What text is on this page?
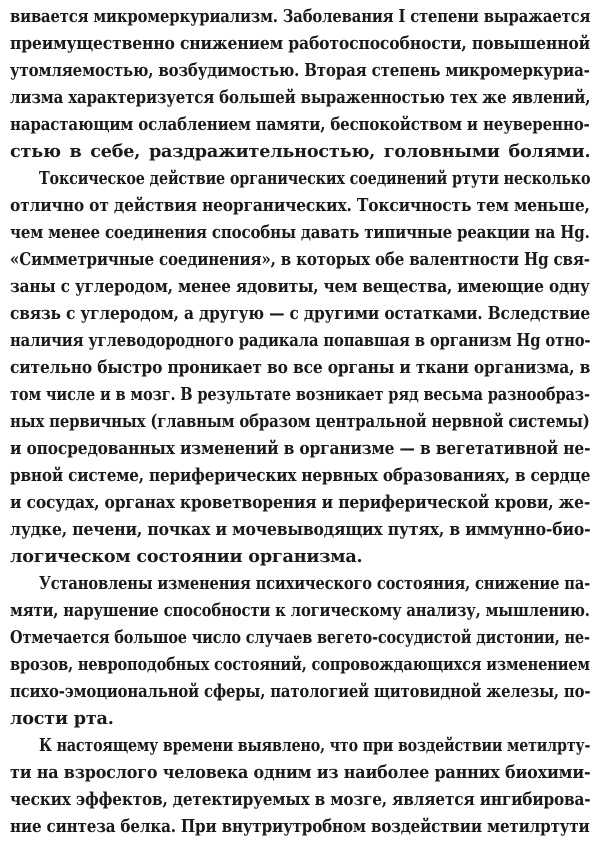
вивается микромеркуриализм. Заболевания I степени выражается
преимущественно снижением работоспособности, повышенной
утомляемостью, возбудимостью. Вторая степень микромеркуриа-
лизма характеризуется большей выраженностью тех же явлений,
нарастающим ослаблением памяти, беспокойством и неуверенно-
стью в себе, раздражительностью, головными болями.
Токсическое действие органических соединений ртути несколько
отлично от действия неорганических. Токсичность тем меньше,
чем менее соединения способны давать типичные реакции на Hg.
«Симметричные соединения», в которых обе валентности Hg свя-
заны с углеродом, менее ядовиты, чем вещества, имеющие одну
связь с углеродом, а другую — с другими остатками. Вследствие
наличия углеводородного радикала попавшая в организм Hg отно-
сительно быстро проникает во все органы и ткани организма, в
том числе и в мозг. В результате возникает ряд весьма разнообраз-
ных первичных (главным образом центральной нервной системы)
и опосредованных изменений в организме — в вегетативной не-
рвной системе, периферических нервных образованиях, в сердце
и сосудах, органах кроветворения и периферической крови, же-
лудке, печени, почках и мочевыводящих путях, в иммунно-био-
логическом состоянии организма.
Установлены изменения психического состояния, снижение па-
мяти, нарушение способности к логическому анализу, мышлению.
Отмечается большое число случаев вегето-сосудистой дистонии, не-
врозов, невроподобных состояний, сопровождающихся изменением
психо-эмоциональной сферы, патологией щитовидной железы, по-
лости рта.
К настоящему времени выявлено, что при воздействии метилрту-
ти на взрослого человека одним из наиболее ранних биохими-
ческих эффектов, детектируемых в мозге, является ингибирова-
ние синтеза белка. При внутриутробном воздействии метилртути
